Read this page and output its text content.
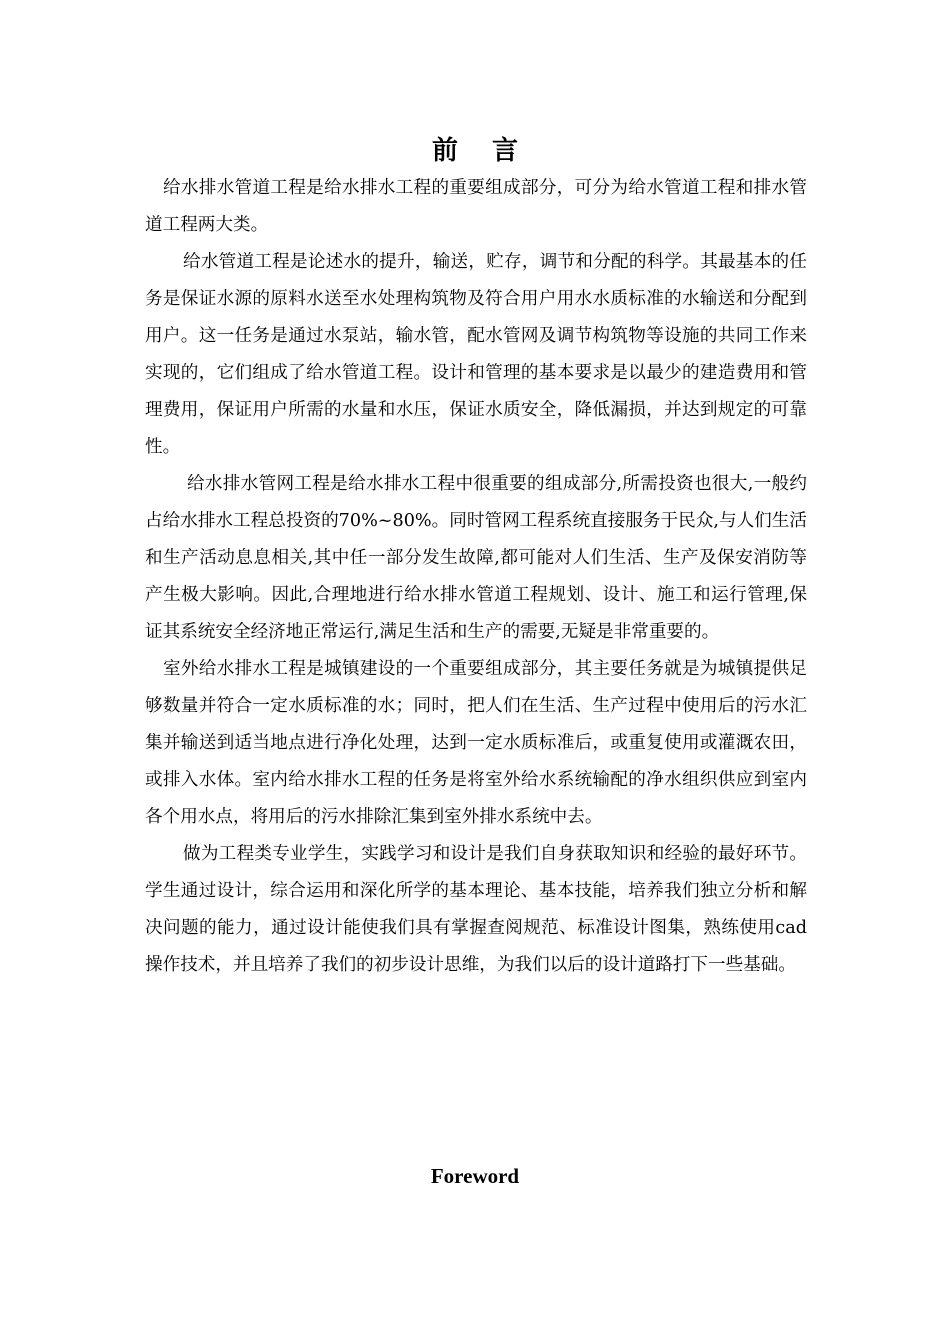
前 言

给水排水管道工程是给水排水工程的重要组成部分，可分为给水管道工程和排水管道工程两大类。

给水管道工程是论述水的提升，输送，贮存，调节和分配的科学。其最基本的任务是保证水源的原料水送至水处理构筑物及符合用户用水水质标准的水输送和分配到用户。这一任务是通过水泵站，输水管，配水管网及调节构筑物等设施的共同工作来实现的，它们组成了给水管道工程。设计和管理的基本要求是以最少的建造费用和管理费用，保证用户所需的水量和水压，保证水质安全，降低漏损，并达到规定的可靠性。

给水排水管网工程是给水排水工程中很重要的组成部分,所需投资也很大,一般约占给水排水工程总投资的70%~80%。同时管网工程系统直接服务于民众,与人们生活和生产活动息息相关,其中任一部分发生故障,都可能对人们生活、生产及保安消防等产生极大影响。因此,合理地进行给水排水管道工程规划、设计、施工和运行管理,保证其系统安全经济地正常运行,满足生活和生产的需要,无疑是非常重要的。

室外给水排水工程是城镇建设的一个重要组成部分，其主要任务就是为城镇提供足够数量并符合一定水质标准的水；同时，把人们在生活、生产过程中使用后的污水汇集并输送到适当地点进行净化处理，达到一定水质标准后，或重复使用或灌溉农田，或排入水体。室内给水排水工程的任务是将室外给水系统输配的净水组织供应到室内各个用水点，将用后的污水排除汇集到室外排水系统中去。

做为工程类专业学生，实践学习和设计是我们自身获取知识和经验的最好环节。学生通过设计，综合运用和深化所学的基本理论、基本技能，培养我们独立分析和解决问题的能力，通过设计能使我们具有掌握查阅规范、标准设计图集，熟练使用cad操作技术，并且培养了我们的初步设计思维，为我们以后的设计道路打下一些基础。

Foreword
